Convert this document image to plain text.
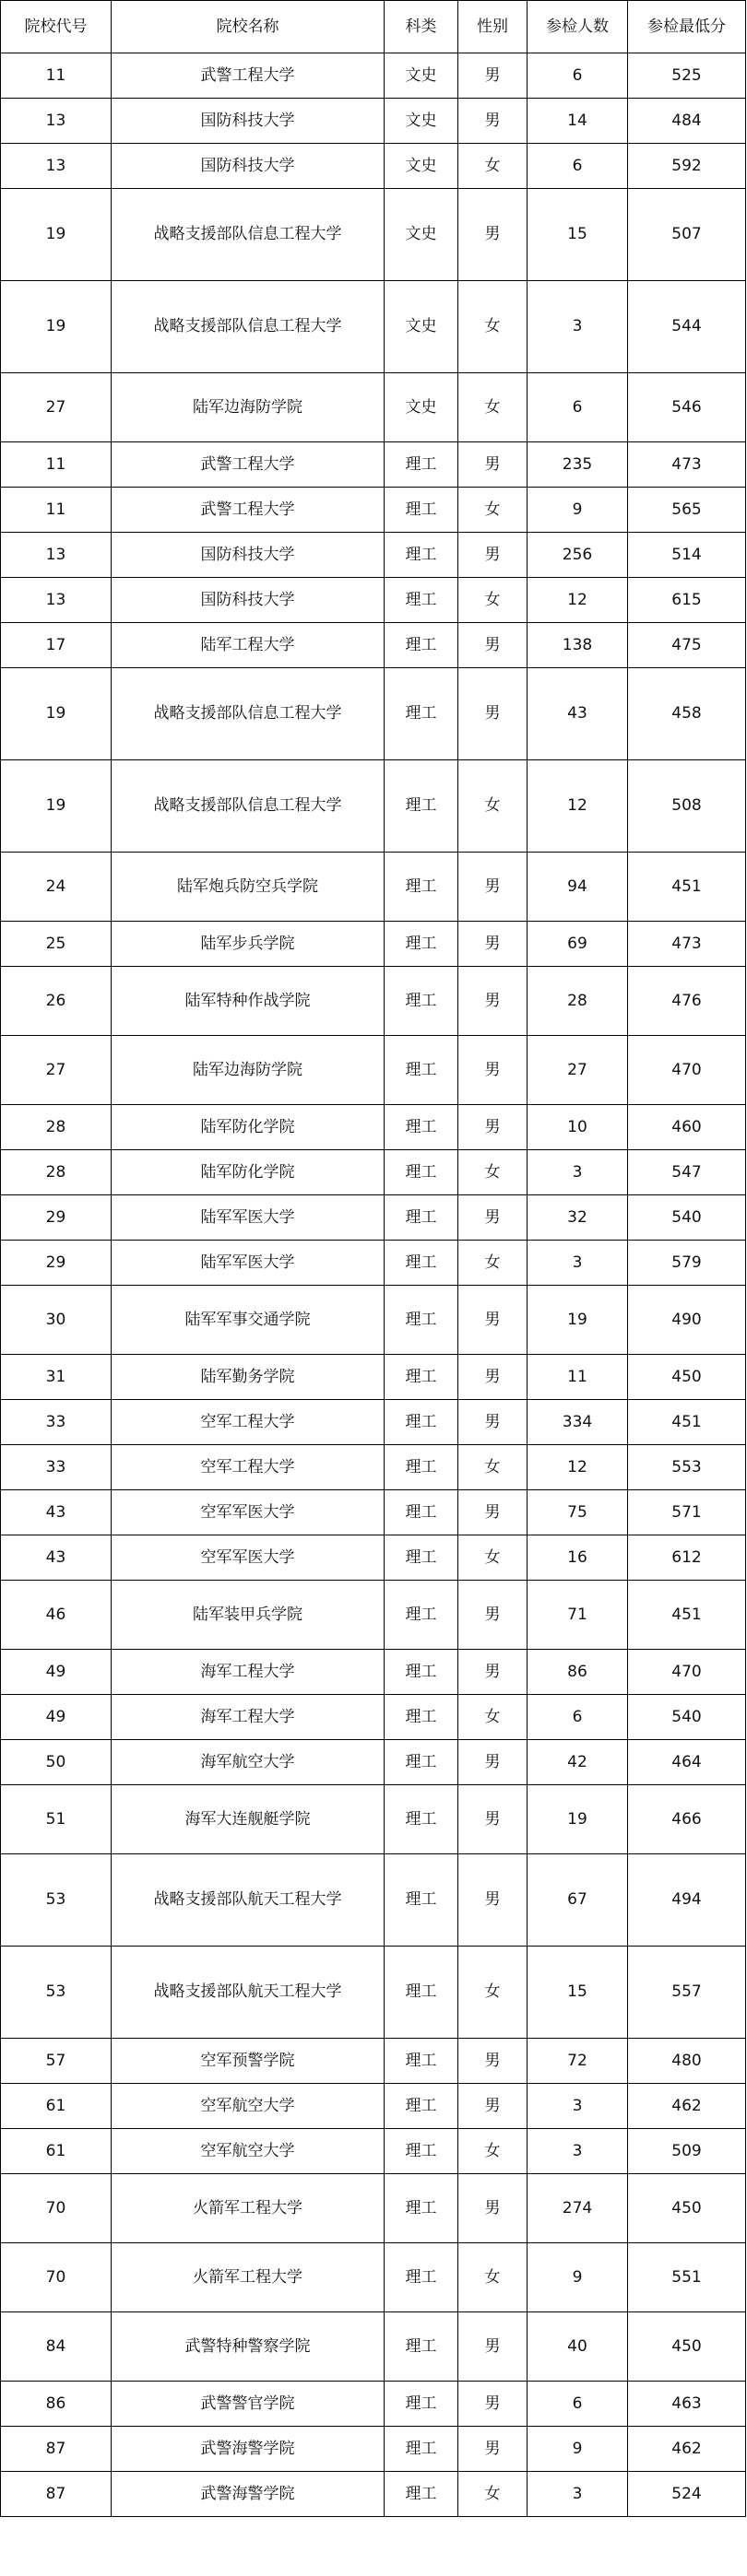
院校代号	院校名称	科类	性别	参检人数	参检最低分
11	武警工程大学	文史	男	6	525
13	国防科技大学	文史	男	14	484
13	国防科技大学	文史	女	6	592
19	战略支援部队信息工程大学	文史	男	15	507
19	战略支援部队信息工程大学	文史	女	3	544
27	陆军边海防学院	文史	女	6	546
11	武警工程大学	理工	男	235	473
11	武警工程大学	理工	女	9	565
13	国防科技大学	理工	男	256	514
13	国防科技大学	理工	女	12	615
17	陆军工程大学	理工	男	138	475
19	战略支援部队信息工程大学	理工	男	43	458
19	战略支援部队信息工程大学	理工	女	12	508
24	陆军炮兵防空兵学院	理工	男	94	451
25	陆军步兵学院	理工	男	69	473
26	陆军特种作战学院	理工	男	28	476
27	陆军边海防学院	理工	男	27	470
28	陆军防化学院	理工	男	10	460
28	陆军防化学院	理工	女	3	547
29	陆军军医大学	理工	男	32	540
29	陆军军医大学	理工	女	3	579
30	陆军军事交通学院	理工	男	19	490
31	陆军勤务学院	理工	男	11	450
33	空军工程大学	理工	男	334	451
33	空军工程大学	理工	女	12	553
43	空军军医大学	理工	男	75	571
43	空军军医大学	理工	女	16	612
46	陆军装甲兵学院	理工	男	71	451
49	海军工程大学	理工	男	86	470
49	海军工程大学	理工	女	6	540
50	海军航空大学	理工	男	42	464
51	海军大连舰艇学院	理工	男	19	466
53	战略支援部队航天工程大学	理工	男	67	494
53	战略支援部队航天工程大学	理工	女	15	557
57	空军预警学院	理工	男	72	480
61	空军航空大学	理工	男	3	462
61	空军航空大学	理工	女	3	509
70	火箭军工程大学	理工	男	274	450
70	火箭军工程大学	理工	女	9	551
84	武警特种警察学院	理工	男	40	450
86	武警警官学院	理工	男	6	463
87	武警海警学院	理工	男	9	462
87	武警海警学院	理工	女	3	524
